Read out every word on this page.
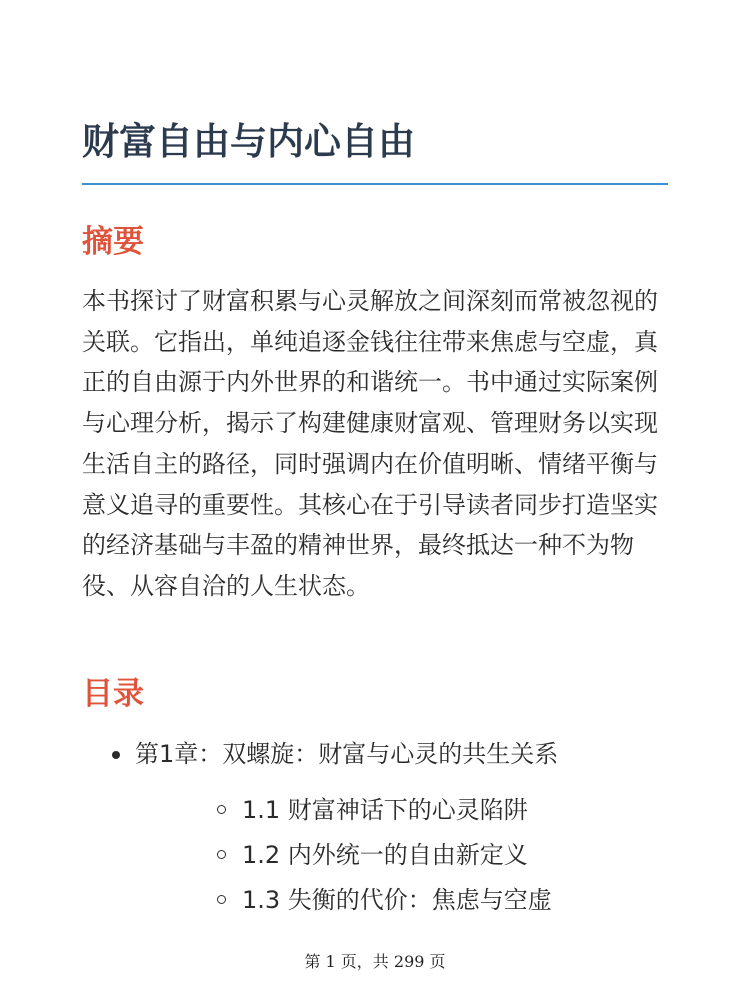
财富自由与内心自由
摘要

本书探讨了财富积累与心灵解放之间深刻而常被忽视的关联。它指出，单纯追逐金钱往往带来焦虑与空虚，真正的自由源于内外世界的和谐统一。书中通过实际案例与心理分析，揭示了构建健康财富观、管理财务以实现生活自主的路径，同时强调内在价值明晰、情绪平衡与意义追寻的重要性。其核心在于引导读者同步打造坚实的经济基础与丰盈的精神世界，最终抵达一种不为物役、从容自洽的人生状态。

目录
第1章：双螺旋：财富与心灵的共生关系
1.1 财富神话下的心灵陷阱
1.2 内外统一的自由新定义
1.3 失衡的代价：焦虑与空虚
第 1 页，共 299 页
